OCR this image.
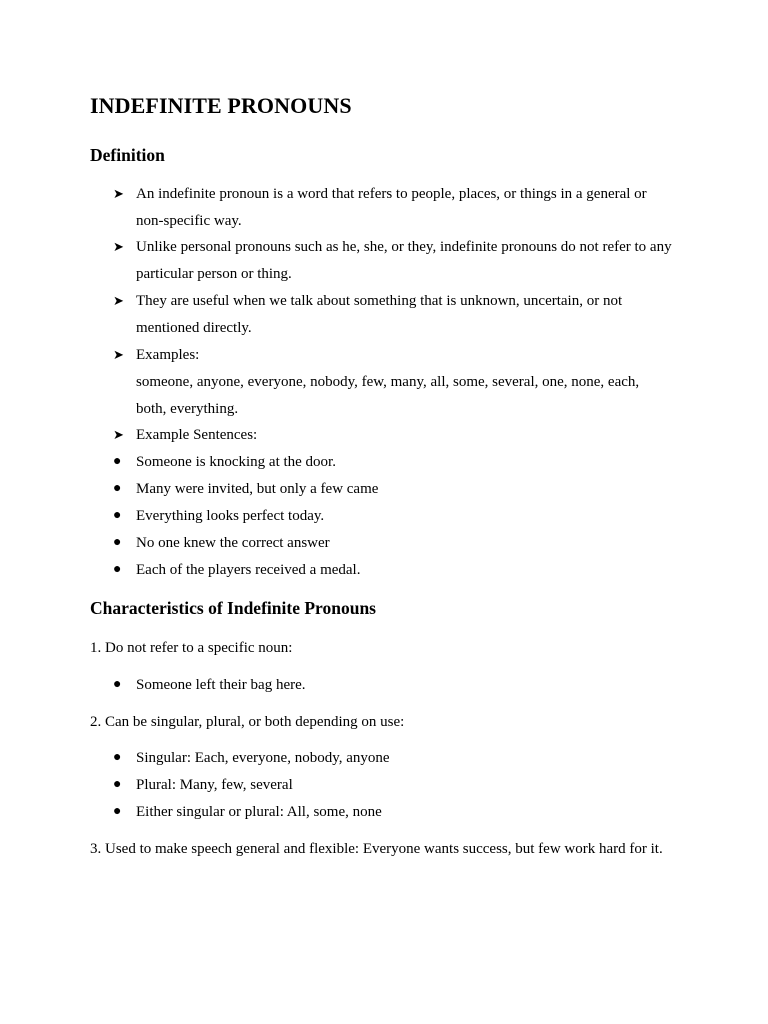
INDEFINITE PRONOUNS
Definition
➤ An indefinite pronoun is a word that refers to people, places, or things in a general or
non-specific way.
➤ Unlike personal pronouns such as he, she, or they, indefinite pronouns do not refer to any
particular person or thing.
➤ They are useful when we talk about something that is unknown, uncertain, or not
mentioned directly.
➤ Examples:
someone, anyone, everyone, nobody, few, many, all, some, several, one, none, each,
both, everything.
➤ Example Sentences:
● Someone is knocking at the door.
● Many were invited, but only a few came
● Everything looks perfect today.
● No one knew the correct answer
● Each of the players received a medal.
Characteristics of Indefinite Pronouns
1. Do not refer to a specific noun:
● Someone left their bag here.
2. Can be singular, plural, or both depending on use:
● Singular: Each, everyone, nobody, anyone
● Plural: Many, few, several
● Either singular or plural: All, some, none
3. Used to make speech general and flexible: Everyone wants success, but few work hard for it.
